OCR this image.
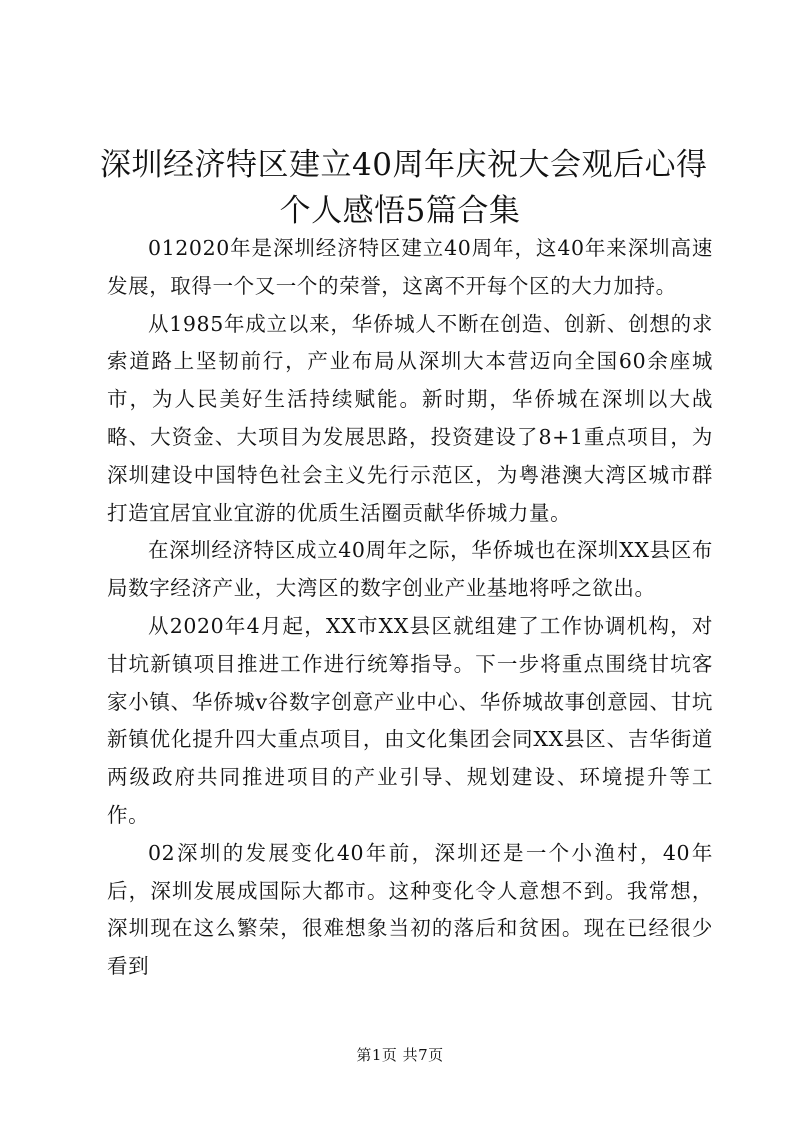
深圳经济特区建立40周年庆祝大会观后心得
个人感悟5篇合集

012020年是深圳经济特区建立40周年，这40年来深圳高速发展，取得一个又一个的荣誉，这离不开每个区的大力加持。

从1985年成立以来，华侨城人不断在创造、创新、创想的求索道路上坚韧前行，产业布局从深圳大本营迈向全国60余座城市，为人民美好生活持续赋能。新时期，华侨城在深圳以大战略、大资金、大项目为发展思路，投资建设了8+1重点项目，为深圳建设中国特色社会主义先行示范区，为粤港澳大湾区城市群打造宜居宜业宜游的优质生活圈贡献华侨城力量。

在深圳经济特区成立40周年之际，华侨城也在深圳XX县区布局数字经济产业，大湾区的数字创业产业基地将呼之欲出。

从2020年4月起，XX市XX县区就组建了工作协调机构，对甘坑新镇项目推进工作进行统筹指导。下一步将重点围绕甘坑客家小镇、华侨城v谷数字创意产业中心、华侨城故事创意园、甘坑新镇优化提升四大重点项目，由文化集团会同XX县区、吉华街道两级政府共同推进项目的产业引导、规划建设、环境提升等工作。

02深圳的发展变化40年前，深圳还是一个小渔村，40年后，深圳发展成国际大都市。这种变化令人意想不到。我常想，深圳现在这么繁荣，很难想象当初的落后和贫困。现在已经很少看到

第1页 共7页
